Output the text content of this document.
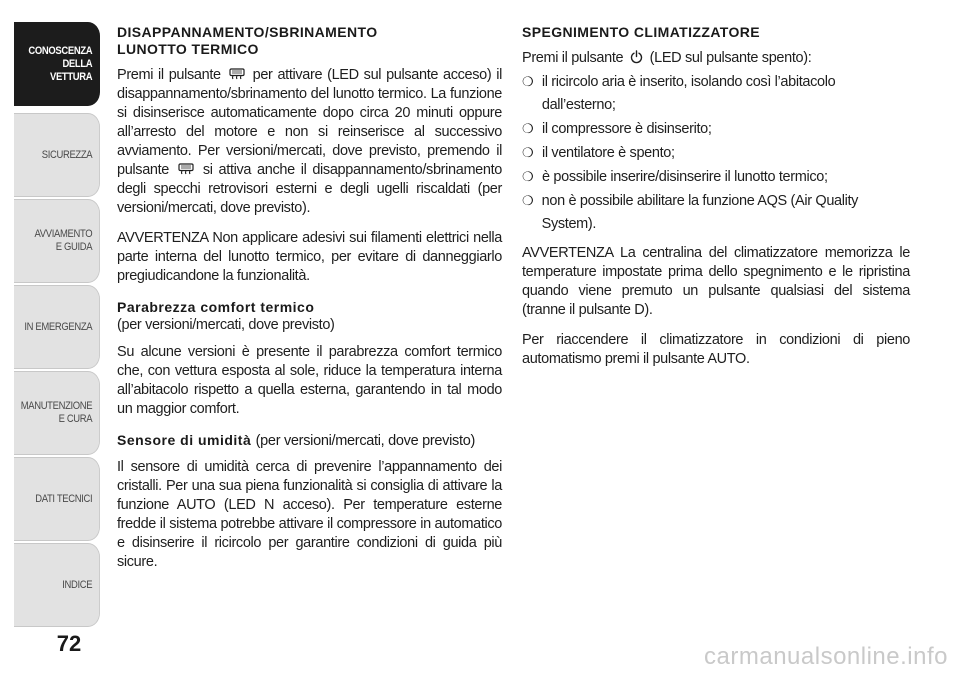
CONOSCENZA
DELLA
VETTURA
SICUREZZA
AVVIAMENTO
E GUIDA
IN EMERGENZA
MANUTENZIONE
E CURA
DATI TECNICI
INDICE
72
DISAPPANNAMENTO/SBRINAMENTO
LUNOTTO TERMICO

Premi il pulsante per attivare (LED sul pulsante acceso) il disappannamento/sbrinamento del lunotto termico. La funzione si disinserisce automaticamente dopo circa 20 minuti oppure all’arresto del motore e non si reinserisce al successivo avviamento. Per versioni/mercati, dove previsto, premendo il pulsante si attiva anche il disappannamento/sbrinamento degli specchi retrovisori esterni e degli ugelli riscaldati (per versioni/mercati, dove previsto).

AVVERTENZA Non applicare adesivi sui filamenti elettrici nella parte interna del lunotto termico, per evitare di danneggiarlo pregiudicandone la funzionalità.

Parabrezza comfort termico

(per versioni/mercati, dove previsto)

Su alcune versioni è presente il parabrezza comfort termico che, con vettura esposta al sole, riduce la temperatura interna all’abitacolo rispetto a quella esterna, garantendo in tal modo un maggior comfort.

Sensore di umidità (per versioni/mercati, dove previsto)

Il sensore di umidità cerca di prevenire l’appannamento dei cristalli. Per una sua piena funzionalità si consiglia di attivare la funzione AUTO (LED N acceso). Per temperature esterne fredde il sistema potrebbe attivare il compressore in automatico e disinserire il ricircolo per garantire condizioni di guida più sicure.

SPEGNIMENTO CLIMATIZZATORE

Premi il pulsante (LED sul pulsante spento):

❍ il ricircolo aria è inserito, isolando così l’abitacolo dall’esterno;
❍ il compressore è disinserito;
❍ il ventilatore è spento;
❍ è possibile inserire/disinserire il lunotto termico;
❍ non è possibile abilitare la funzione AQS (Air Quality System).

AVVERTENZA La centralina del climatizzatore memorizza le temperature impostate prima dello spegnimento e le ripristina quando viene premuto un pulsante qualsiasi del sistema (tranne il pulsante D).

Per riaccendere il climatizzatore in condizioni di pieno automatismo premi il pulsante AUTO.

carmanualsonline.info
